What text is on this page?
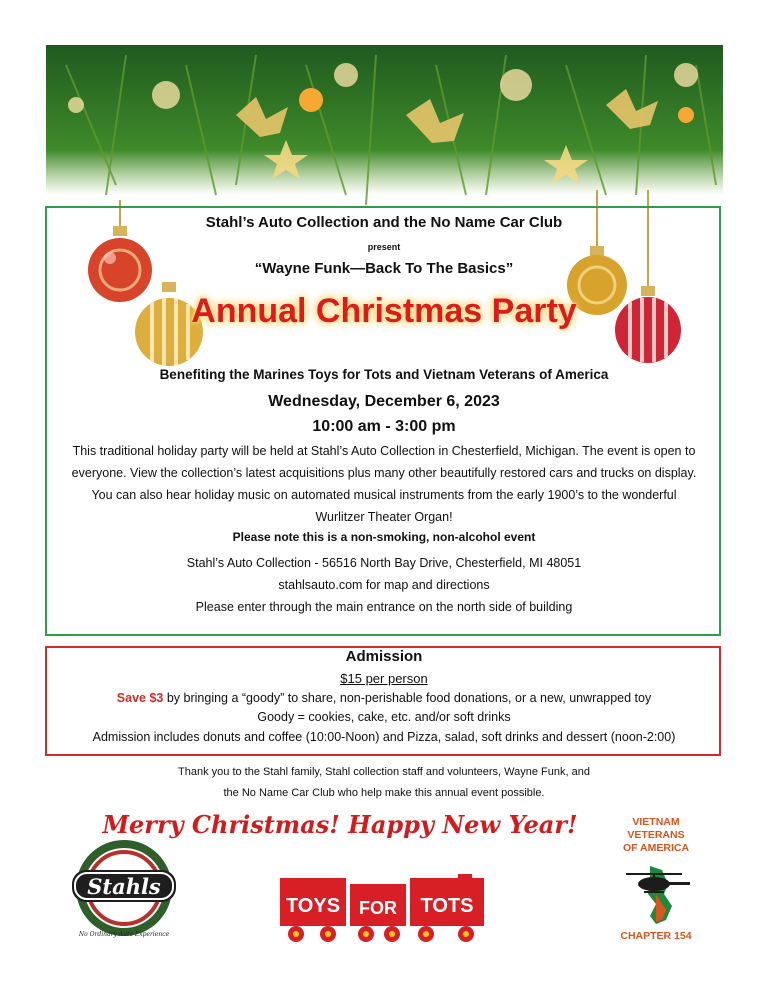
Stahl’s Auto Collection and the No Name Car Club
present
“Wayne Funk—Back To The Basics”
Annual Christmas Party
Benefiting the Marines Toys for Tots and Vietnam Veterans of America
Wednesday, December 6, 2023
10:00 am - 3:00 pm
This traditional holiday party will be held at Stahl’s Auto Collection in Chesterfield, Michigan. The event is open to
everyone. View the collection’s latest acquisitions plus many other beautifully restored cars and trucks on display.
You can also hear holiday music on automated musical instruments from the early 1900’s to the wonderful
Wurlitzer Theater Organ!
Please note this is a non-smoking, non-alcohol event
Stahl’s Auto Collection - 56516 North Bay Drive, Chesterfield, MI 48051
stahlsauto.com for map and directions
Please enter through the main entrance on the north side of building
Admission
$15 per person
Save $3 by bringing a “goody” to share, non-perishable food donations, or a new, unwrapped toy
Goody = cookies, cake, etc. and/or soft drinks
Admission includes donuts and coffee (10:00-Noon) and Pizza, salad, soft drinks and dessert (noon-2:00)
Thank you to the Stahl family, Stahl collection staff and volunteers, Wayne Funk, and
the No Name Car Club who help make this annual event possible.
Merry Christmas! Happy New Year!
Stahls
No Ordinary Auto Experience
TOYS FOR TOTS
VIETNAM
VETERANS
OF AMERICA
CHAPTER 154
